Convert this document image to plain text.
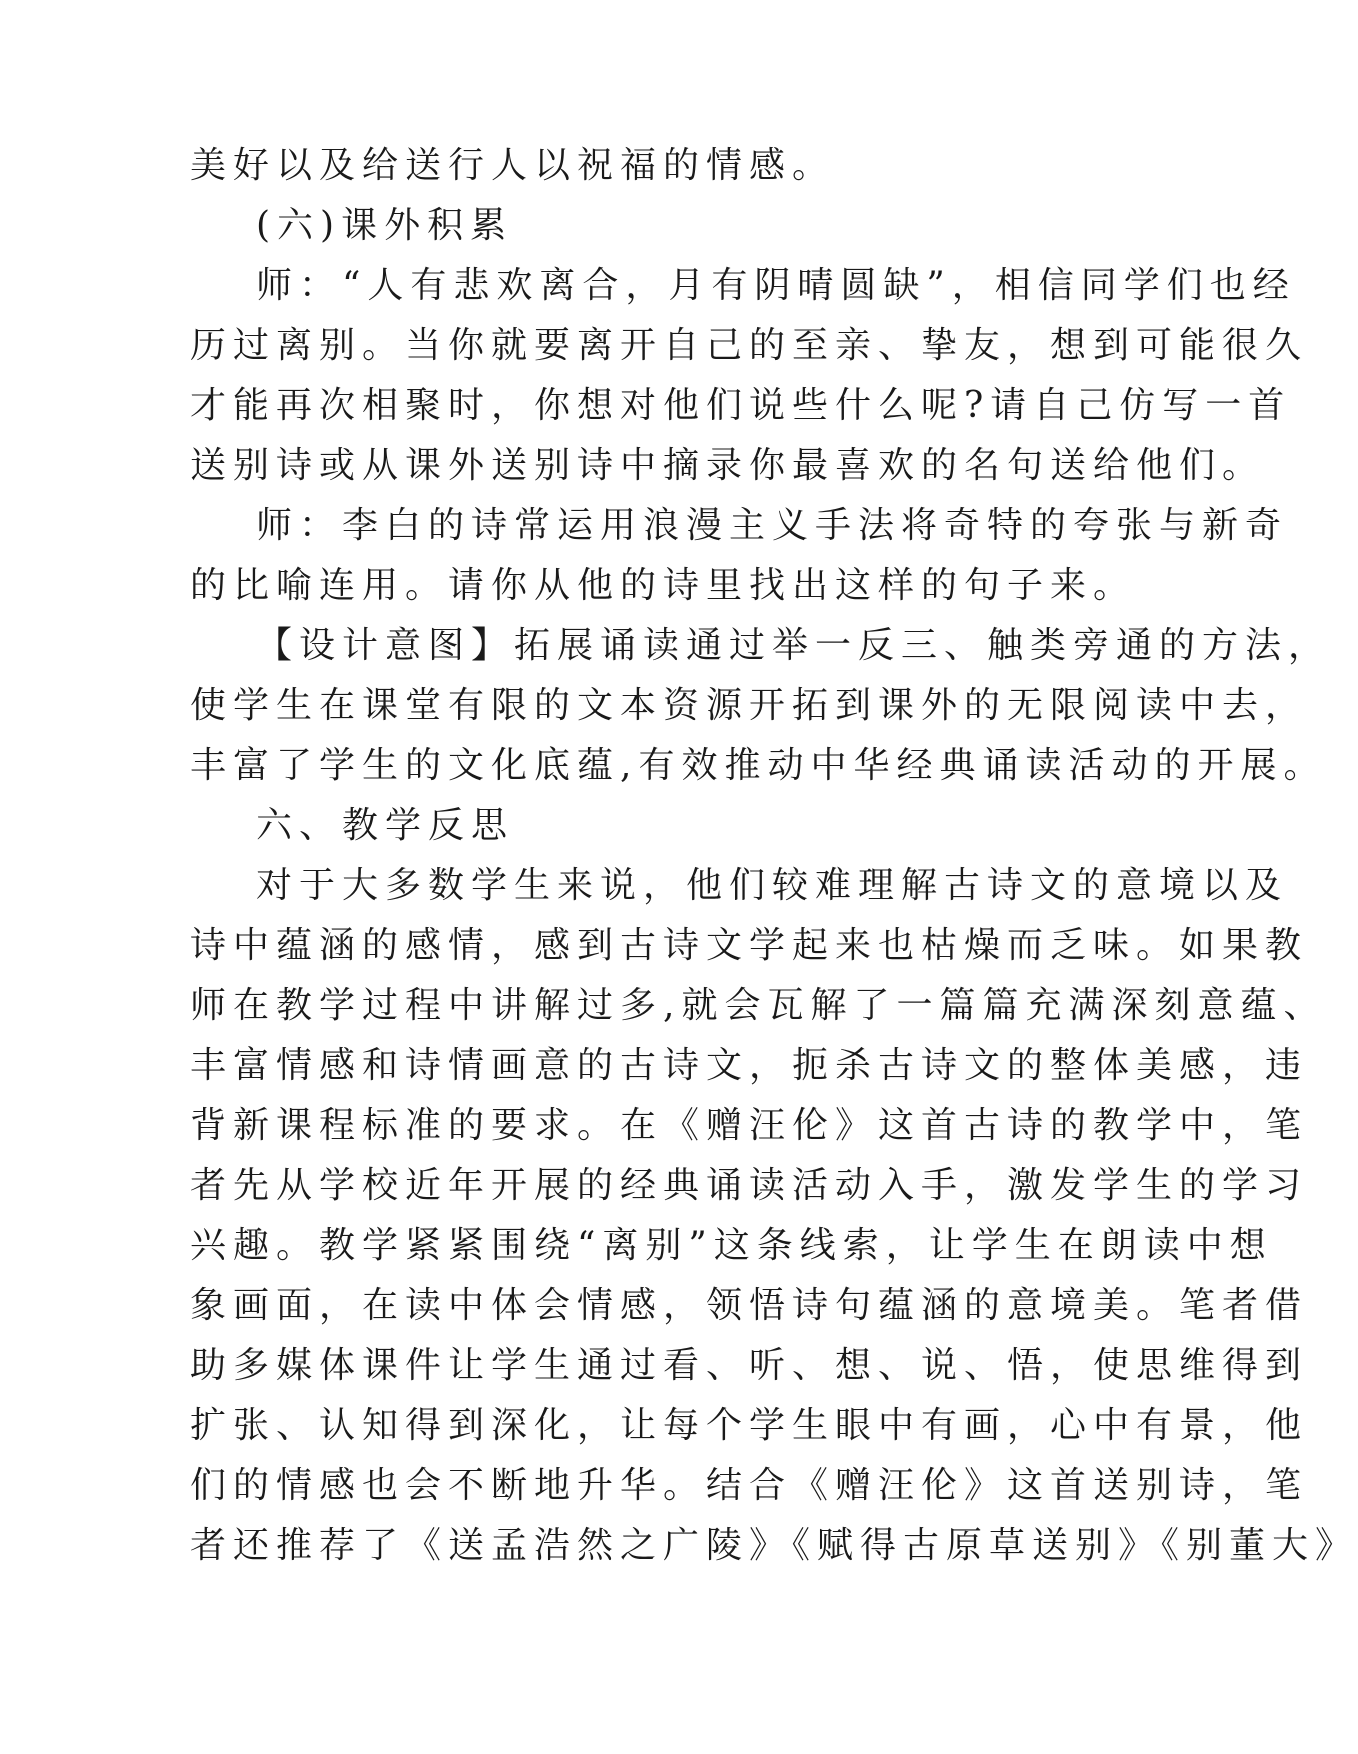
美好以及给送行人以祝福的情感。
(六)课外积累
师：“人有悲欢离合，月有阴晴圆缺”，相信同学们也经
历过离别。当你就要离开自己的至亲、挚友，想到可能很久
才能再次相聚时，你想对他们说些什么呢?请自己仿写一首
送别诗或从课外送别诗中摘录你最喜欢的名句送给他们。
师：李白的诗常运用浪漫主义手法将奇特的夸张与新奇
的比喻连用。请你从他的诗里找出这样的句子来。
【设计意图】拓展诵读通过举一反三、触类旁通的方法，
使学生在课堂有限的文本资源开拓到课外的无限阅读中去，
丰富了学生的文化底蕴,有效推动中华经典诵读活动的开展。
六、教学反思
对于大多数学生来说，他们较难理解古诗文的意境以及
诗中蕴涵的感情，感到古诗文学起来也枯燥而乏味。如果教
师在教学过程中讲解过多,就会瓦解了一篇篇充满深刻意蕴、
丰富情感和诗情画意的古诗文，扼杀古诗文的整体美感，违
背新课程标准的要求。在《赠汪伦》这首古诗的教学中，笔
者先从学校近年开展的经典诵读活动入手，激发学生的学习
兴趣。教学紧紧围绕“离别”这条线索，让学生在朗读中想
象画面，在读中体会情感，领悟诗句蕴涵的意境美。笔者借
助多媒体课件让学生通过看、听、想、说、悟，使思维得到
扩张、认知得到深化，让每个学生眼中有画，心中有景，他
们的情感也会不断地升华。结合《赠汪伦》这首送别诗，笔
者还推荐了《送孟浩然之广陵》《赋得古原草送别》《别董大》
